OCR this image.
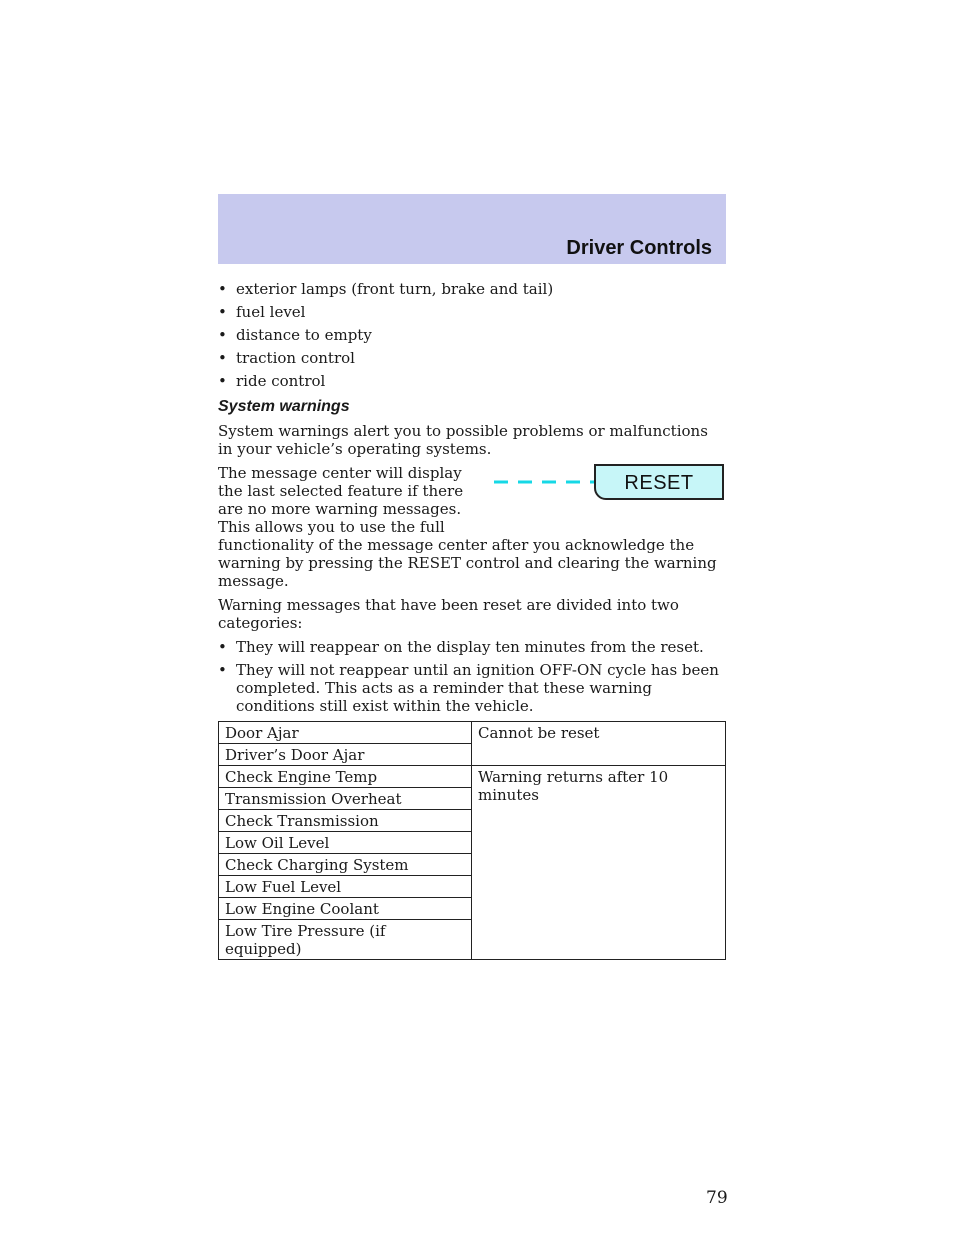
Driver Controls
• exterior lamps (front turn, brake and tail)
• fuel level
• distance to empty
• traction control
• ride control
System warnings

System warnings alert you to possible problems or malfunctions in your vehicle’s operating systems.

RESET

The message center will display the last selected feature if there are no more warning messages. This allows you to use the full functionality of the message center after you acknowledge the warning by pressing the RESET control and clearing the warning message.

Warning messages that have been reset are divided into two categories:

• They will reappear on the display ten minutes from the reset.
• They will not reappear until an ignition OFF-ON cycle has been completed. This acts as a reminder that these warning conditions still exist within the vehicle.
Door Ajar	Cannot be reset
Driver’s Door Ajar	
Check Engine Temp	Warning returns after 10 minutes
Transmission Overheat	
Check Transmission	
Low Oil Level	
Check Charging System	
Low Fuel Level	
Low Engine Coolant	
Low Tire Pressure (if equipped)	
79
